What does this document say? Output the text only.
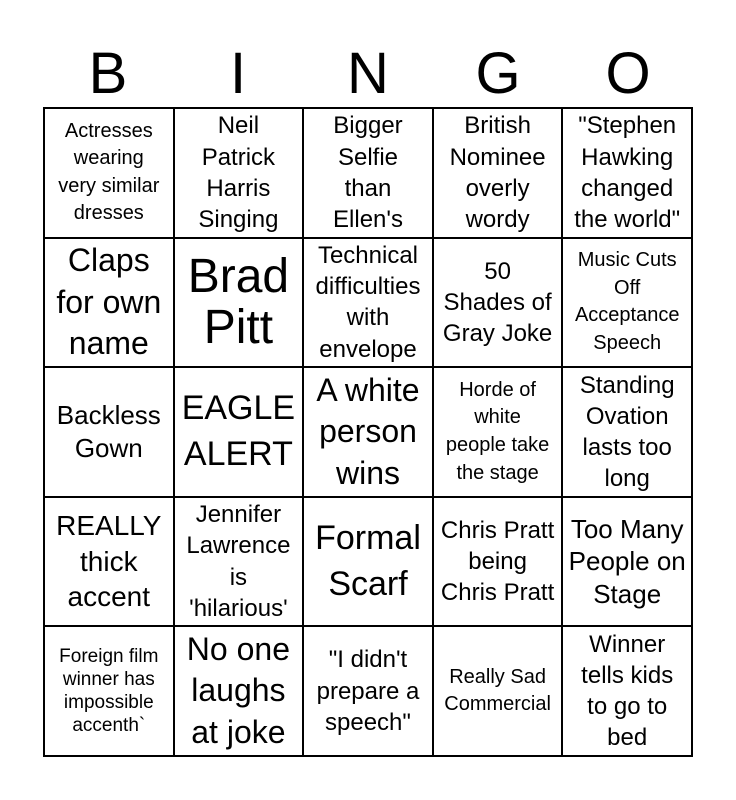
B	I	N	G	O
Actresses
wearing
very similar
dresses
Neil
Patrick
Harris
Singing
Bigger
Selfie
than
Ellen's
British
Nominee
overly
wordy
"Stephen
Hawking
changed
the world"
Claps
for own
name
Brad
Pitt
Technical
difficulties
with
envelope
50
Shades of
Gray Joke
Music Cuts
Off
Acceptance
Speech
Backless
Gown
EAGLE
ALERT
A white
person
wins
Horde of
white
people take
the stage
Standing
Ovation
lasts too
long
REALLY
thick
accent
Jennifer
Lawrence
is
'hilarious'
Formal
Scarf
Chris Pratt
being
Chris Pratt
Too Many
People on
Stage
Foreign film
winner has
impossible
accenth`
No one
laughs
at joke
"I didn't
prepare a
speech"
Really Sad
Commercial
Winner
tells kids
to go to
bed
